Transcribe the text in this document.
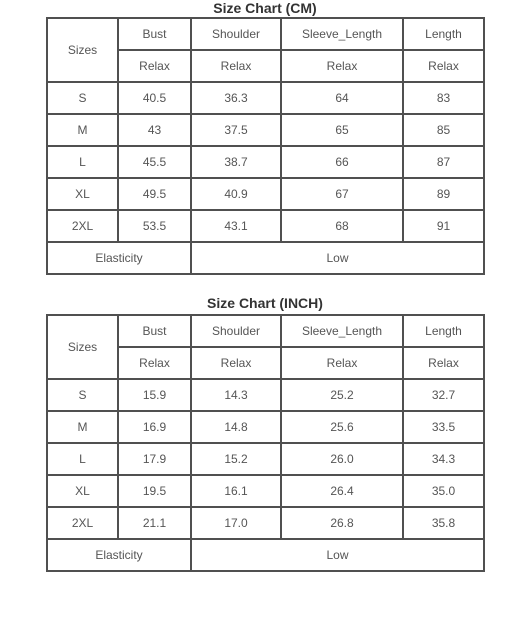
Size Chart (CM)
Sizes	Bust	Shoulder	Sleeve_Length	Length
	Relax	Relax	Relax	Relax
S	40.5	36.3	64	83
M	43	37.5	65	85
L	45.5	38.7	66	87
XL	49.5	40.9	67	89
2XL	53.5	43.1	68	91
Elasticity		Low		
Size Chart (INCH)
Sizes	Bust	Shoulder	Sleeve_Length	Length
	Relax	Relax	Relax	Relax
S	15.9	14.3	25.2	32.7
M	16.9	14.8	25.6	33.5
L	17.9	15.2	26.0	34.3
XL	19.5	16.1	26.4	35.0
2XL	21.1	17.0	26.8	35.8
Elasticity		Low		
